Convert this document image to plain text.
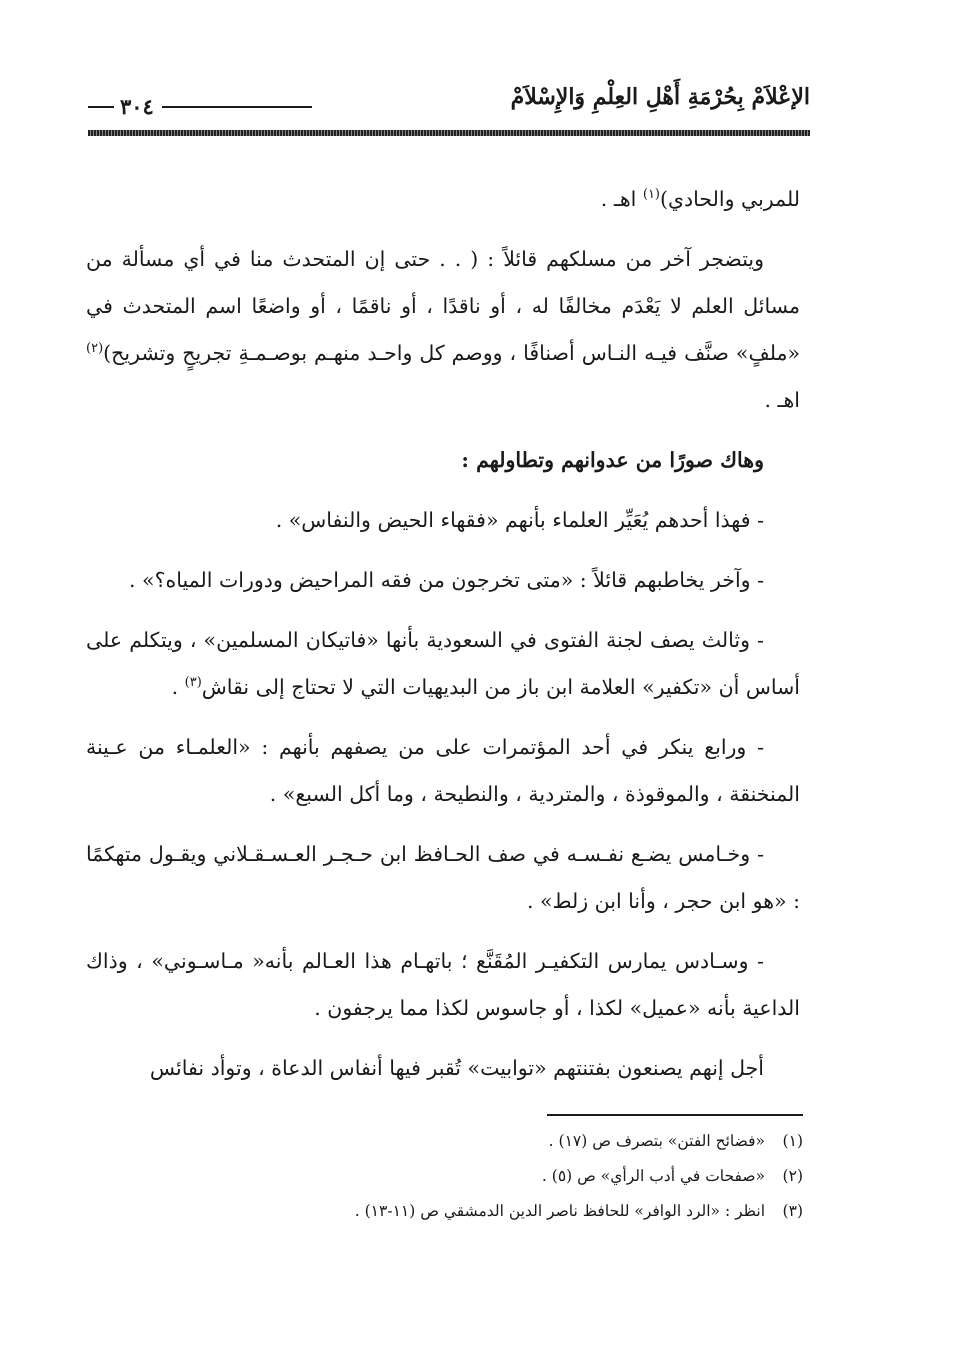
الإعْلاَمْ بِحُرْمَةِ أَهْلِ العِلْمِ وَالإِسْلاَمْ
٣٠٤

للمربي والحادي)$^{(١)}$ اهـ .

ويتضجر آخر من مسلكهم قائلاً : ( . . حتى إن المتحدث منا في أي مسألة من مسائل العلم لا يَعْدَم مخالفًا له ، أو ناقدًا ، أو ناقمًا ، أو واضعًا اسم المتحدث في «ملفٍ» صنَّف فيـه النـاس أصنافًا ، ووصم كل واحـد منهـم بوصـمـةِ تجريحٍ وتشريح)$^{(٢)}$ اهـ .

وهاك صورًا من عدوانهم وتطاولهم :

- فهذا أحدهم يُعَيِّر العلماء بأنهم «فقهاء الحيض والنفاس» .

- وآخر يخاطبهم قائلاً : «متى تخرجون من فقه المراحيض ودورات المياه؟» .

- وثالث يصف لجنة الفتوى في السعودية بأنها «فاتيكان المسلمين» ، ويتكلم على أساس أن «تكفير» العلامة ابن باز من البديهيات التي لا تحتاج إلى نقاش$^{(٣)}$ .

- ورابع ينكر في أحد المؤتمرات على من يصفهم بأنهم : «العلمـاء من عـينة المنخنقة ، والموقوذة ، والمتردية ، والنطيحة ، وما أكل السبع» .

- وخـامس يضـع نفـسـه في صف الحـافظ ابن حـجـر العـسـقـلاني ويقـول متهكمًا : «هو ابن حجر ، وأنا ابن زلط» .

- وسـادس يمارس التكفيـر المُقَنَّع ؛ باتهـام هذا العـالم بأنه« مـاسـوني» ، وذاك الداعية بأنه «عميل» لكذا ، أو جاسوس لكذا مما يرجفون .

أجل إنهم يصنعون بفتنتهم «توابيت» تُقبر فيها أنفاس الدعاة ، وتوأد نفائس

(١)
«فضائح الفتن» بتصرف ص (١٧) .
(٢)
«صفحات في أدب الرأي» ص (٥) .
(٣)
انظر : «الرد الوافر» للحافظ ناصر الدين الدمشقي ص (١١-١٣) .
